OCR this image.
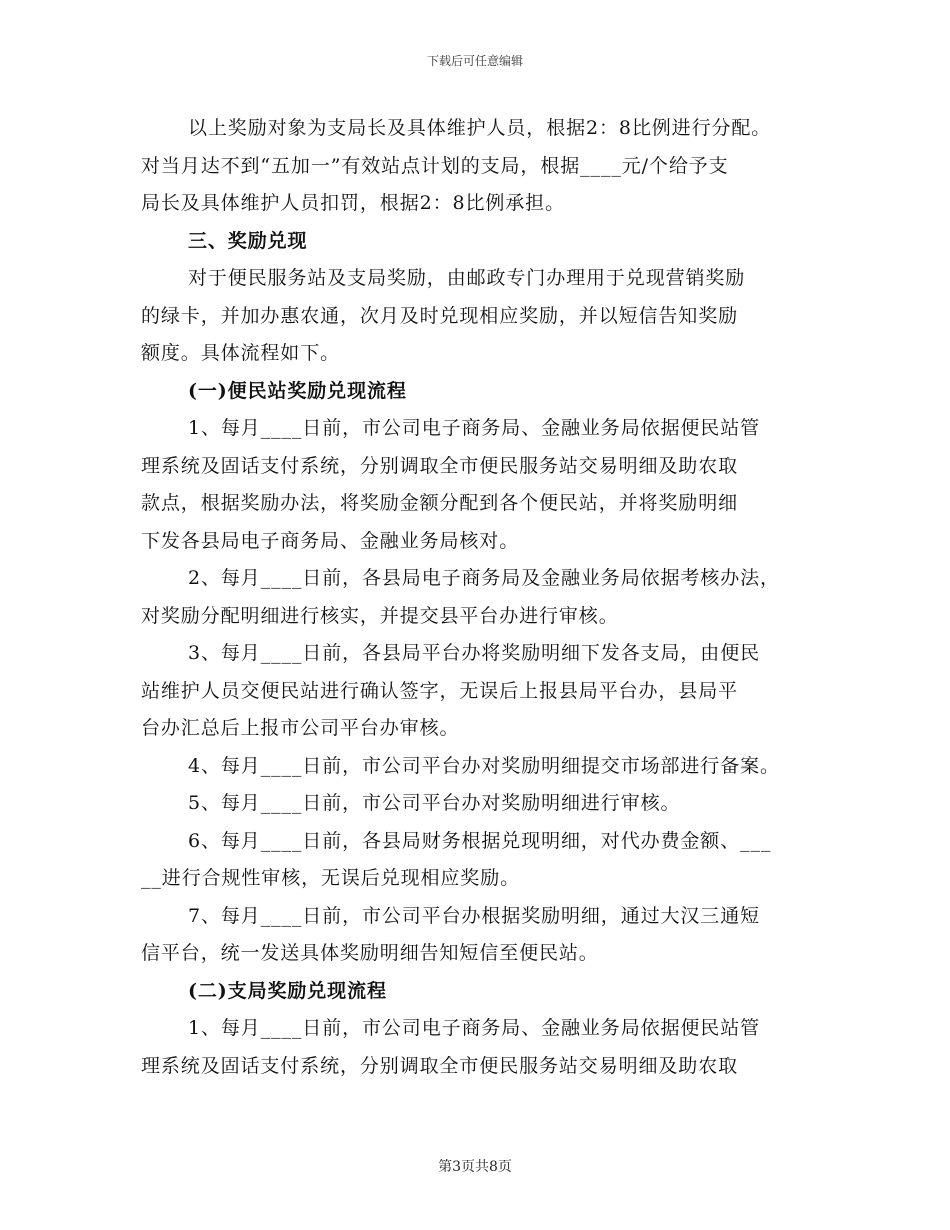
下载后可任意编辑
以上奖励对象为支局长及具体维护人员，根据2：8比例进行分配。
对当月达不到“五加一”有效站点计划的支局，根据____元/个给予支
局长及具体维护人员扣罚，根据2：8比例承担。
三、奖励兑现
对于便民服务站及支局奖励，由邮政专门办理用于兑现营销奖励
的绿卡，并加办惠农通，次月及时兑现相应奖励，并以短信告知奖励
额度。具体流程如下。
(一)便民站奖励兑现流程
1、每月____日前，市公司电子商务局、金融业务局依据便民站管
理系统及固话支付系统，分别调取全市便民服务站交易明细及助农取
款点，根据奖励办法，将奖励金额分配到各个便民站，并将奖励明细
下发各县局电子商务局、金融业务局核对。
2、每月____日前，各县局电子商务局及金融业务局依据考核办法，
对奖励分配明细进行核实，并提交县平台办进行审核。
3、每月____日前，各县局平台办将奖励明细下发各支局，由便民
站维护人员交便民站进行确认签字，无误后上报县局平台办，县局平
台办汇总后上报市公司平台办审核。
4、每月____日前，市公司平台办对奖励明细提交市场部进行备案。
5、每月____日前，市公司平台办对奖励明细进行审核。
6、每月____日前，各县局财务根据兑现明细，对代办费金额、___
__进行合规性审核，无误后兑现相应奖励。
7、每月____日前，市公司平台办根据奖励明细，通过大汉三通短
信平台，统一发送具体奖励明细告知短信至便民站。
(二)支局奖励兑现流程
1、每月____日前，市公司电子商务局、金融业务局依据便民站管
理系统及固话支付系统，分别调取全市便民服务站交易明细及助农取
第3页共8页
